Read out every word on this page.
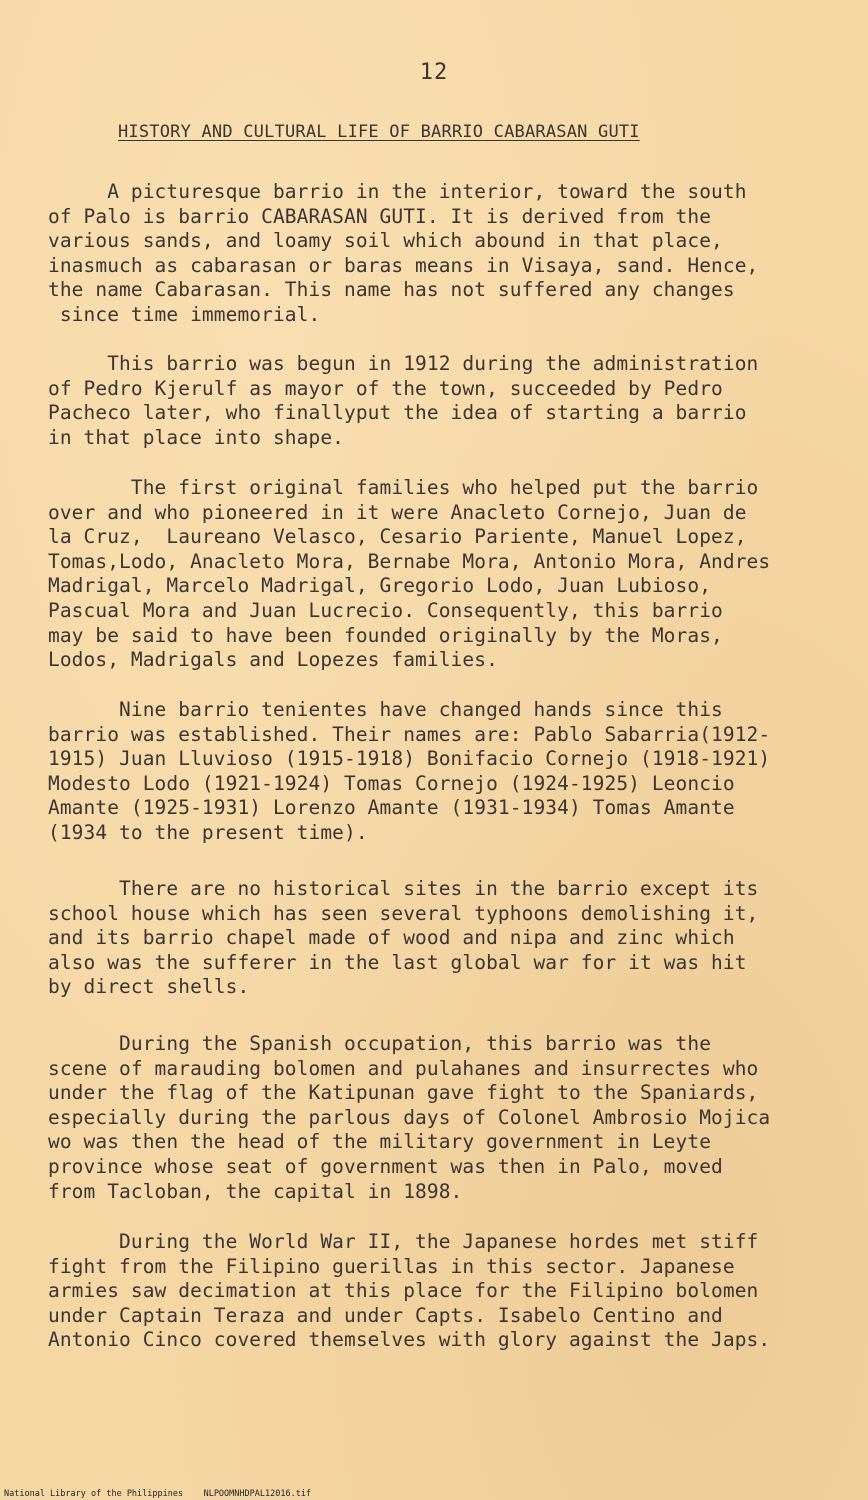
12
HISTORY AND CULTURAL LIFE OF BARRIO CABARASAN GUTI

A picturesque barrio in the interior, toward the south
of Palo is barrio CABARASAN GUTI. It is derived from the
various sands, and loamy soil which abound in that place,
inasmuch as cabarasan or baras means in Visaya, sand. Hence,
the name Cabarasan. This name has not suffered any changes
since time immemorial.

This barrio was begun in 1912 during the administration
of Pedro Kjerulf as mayor of the town, succeeded by Pedro
Pacheco later, who finallyput the idea of starting a barrio
in that place into shape.

The first original families who helped put the barrio
over and who pioneered in it were Anacleto Cornejo, Juan de
la Cruz,  Laureano Velasco, Cesario Pariente, Manuel Lopez,
Tomas,Lodo, Anacleto Mora, Bernabe Mora, Antonio Mora, Andres
Madrigal, Marcelo Madrigal, Gregorio Lodo, Juan Lubioso,
Pascual Mora and Juan Lucrecio. Consequently, this barrio
may be said to have been founded originally by the Moras,
Lodos, Madrigals and Lopezes families.

Nine barrio tenientes have changed hands since this
barrio was established. Their names are: Pablo Sabarria(1912-
1915) Juan Lluvioso (1915-1918) Bonifacio Cornejo (1918-1921)
Modesto Lodo (1921-1924) Tomas Cornejo (1924-1925) Leoncio
Amante (1925-1931) Lorenzo Amante (1931-1934) Tomas Amante
(1934 to the present time).

There are no historical sites in the barrio except its
school house which has seen several typhoons demolishing it,
and its barrio chapel made of wood and nipa and zinc which
also was the sufferer in the last global war for it was hit
by direct shells.

During the Spanish occupation, this barrio was the
scene of marauding bolomen and pulahanes and insurrectes who
under the flag of the Katipunan gave fight to the Spaniards,
especially during the parlous days of Colonel Ambrosio Mojica
wo was then the head of the military government in Leyte
province whose seat of government was then in Palo, moved
from Tacloban, the capital in 1898.

During the World War II, the Japanese hordes met stiff
fight from the Filipino guerillas in this sector. Japanese
armies saw decimation at this place for the Filipino bolomen
under Captain Teraza and under Capts. Isabelo Centino and
Antonio Cinco covered themselves with glory against the Japs.

National Library of the Philippines    NLPOOMNHDPAL12016.tif
